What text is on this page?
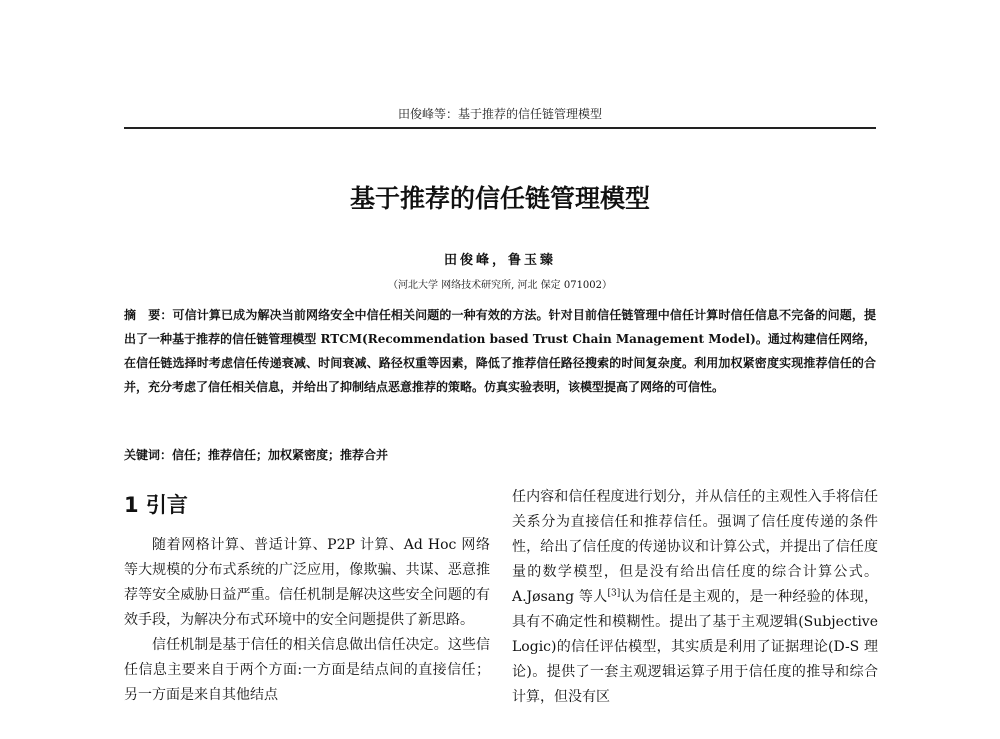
田俊峰等：基于推荐的信任链管理模型
基于推荐的信任链管理模型
田俊峰，鲁玉臻
（河北大学 网络技术研究所, 河北 保定 071002）
摘　要：可信计算已成为解决当前网络安全中信任相关问题的一种有效的方法。针对目前信任链管理中信任计算时信任信息不完备的问题，提出了一种基于推荐的信任链管理模型 RTCM(Recommendation based Trust Chain Management Model)。通过构建信任网络，在信任链选择时考虑信任传递衰减、时间衰减、路径权重等因素，降低了推荐信任路径搜索的时间复杂度。利用加权紧密度实现推荐信任的合并，充分考虑了信任相关信息，并给出了抑制结点恶意推荐的策略。仿真实验表明，该模型提高了网络的可信性。
关键词：信任；推荐信任；加权紧密度；推荐合并
1 引言

随着网格计算、普适计算、P2P 计算、Ad Hoc 网络等大规模的分布式系统的广泛应用，像欺骗、共谋、恶意推荐等安全威胁日益严重。信任机制是解决这些安全问题的有效手段，为解决分布式环境中的安全问题提供了新思路。

信任机制是基于信任的相关信息做出信任决定。这些信任信息主要来自于两个方面:一方面是结点间的直接信任；另一方面是来自其他结点

任内容和信任程度进行划分，并从信任的主观性入手将信任关系分为直接信任和推荐信任。强调了信任度传递的条件性，给出了信任度的传递协议和计算公式，并提出了信任度量的数学模型，但是没有给出信任度的综合计算公式。A.Jøsang 等人[3]认为信任是主观的，是一种经验的体现，具有不确定性和模糊性。提出了基于主观逻辑(Subjective Logic)的信任评估模型，其实质是利用了证据理论(D-S 理论)。提供了一套主观逻辑运算子用于信任度的推导和综合计算，但没有区
